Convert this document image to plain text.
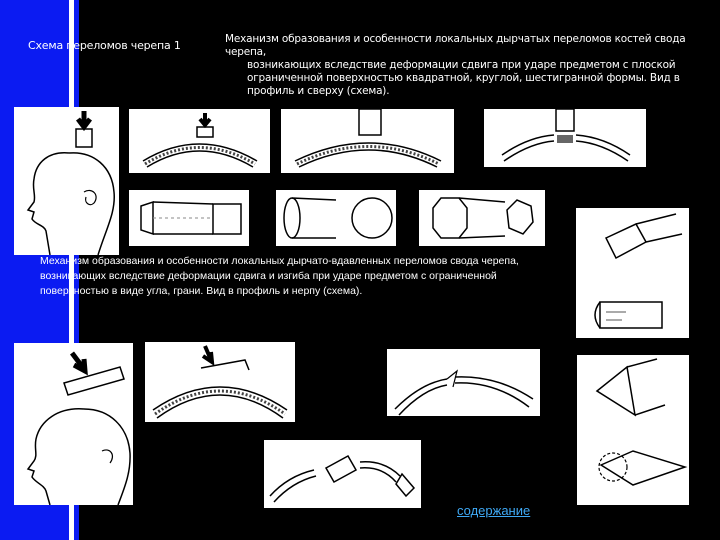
Схема переломов черепа 1	Механизм образования и особенности локальных дырчатых переломов костей свода черепа,
возникающих вследствие деформации сдвига при ударе предметом с плоской ограниченной поверхностью квадратной, круглой, шестигранной формы. Вид в профиль и сверху (схема).
Механизм образования и особенности локальных дырчато-вдавленных переломов свода черепа, возникающих вследствие деформации сдвига и изгиба при ударе предметом с ограниченной поверхностью в виде угла, грани. Вид в профиль и нерпу (схема).
содержание
